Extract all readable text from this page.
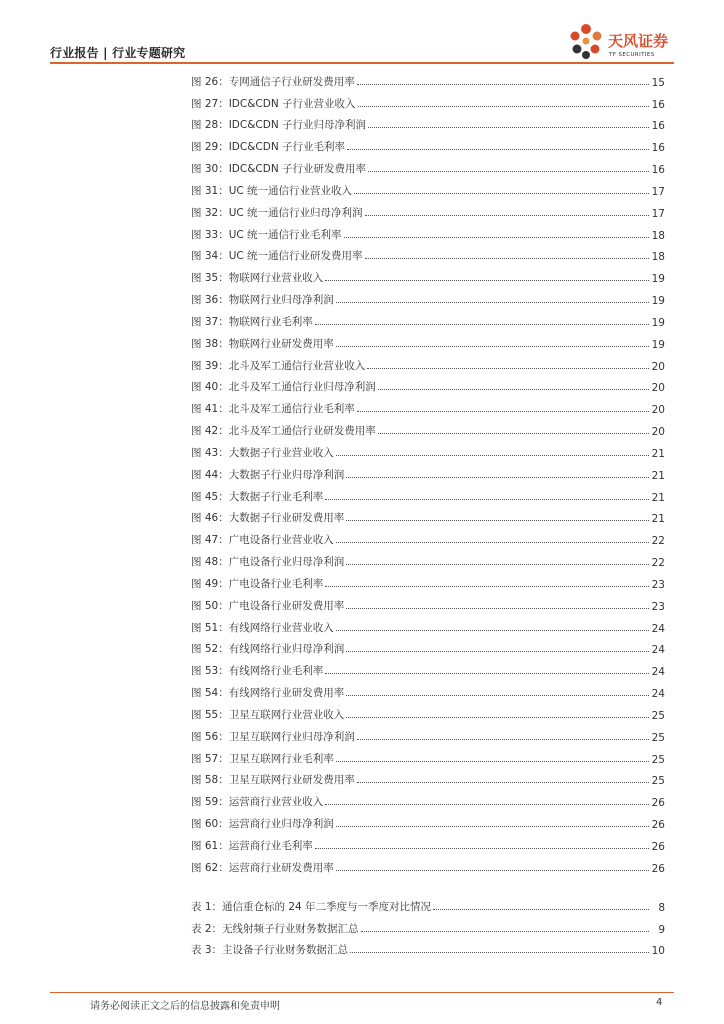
行业报告 | 行业专题研究
天风证券
TF SECURITIES
图 26：专网通信子行业研发费用率	15
图 27：IDC&CDN 子行业营业收入	16
图 28：IDC&CDN 子行业归母净利润	16
图 29：IDC&CDN 子行业毛利率	16
图 30：IDC&CDN 子行业研发费用率	16
图 31：UC 统一通信行业营业收入	17
图 32：UC 统一通信行业归母净利润	17
图 33：UC 统一通信行业毛利率	18
图 34：UC 统一通信行业研发费用率	18
图 35：物联网行业营业收入	19
图 36：物联网行业归母净利润	19
图 37：物联网行业毛利率	19
图 38：物联网行业研发费用率	19
图 39：北斗及军工通信行业营业收入	20
图 40：北斗及军工通信行业归母净利润	20
图 41：北斗及军工通信行业毛利率	20
图 42：北斗及军工通信行业研发费用率	20
图 43：大数据子行业营业收入	21
图 44：大数据子行业归母净利润	21
图 45：大数据子行业毛利率	21
图 46：大数据子行业研发费用率	21
图 47：广电设备行业营业收入	22
图 48：广电设备行业归母净利润	22
图 49：广电设备行业毛利率	23
图 50：广电设备行业研发费用率	23
图 51：有线网络行业营业收入	24
图 52：有线网络行业归母净利润	24
图 53：有线网络行业毛利率	24
图 54：有线网络行业研发费用率	24
图 55：卫星互联网行业营业收入	25
图 56：卫星互联网行业归母净利润	25
图 57：卫星互联网行业毛利率	25
图 58：卫星互联网行业研发费用率	25
图 59：运营商行业营业收入	26
图 60：运营商行业归母净利润	26
图 61：运营商行业毛利率	26
图 62：运营商行业研发费用率	26
表 1：通信重仓标的 24 年二季度与一季度对比情况	8
表 2：无线射频子行业财务数据汇总	9
表 3：主设备子行业财务数据汇总	10
请务必阅读正文之后的信息披露和免责申明	4
